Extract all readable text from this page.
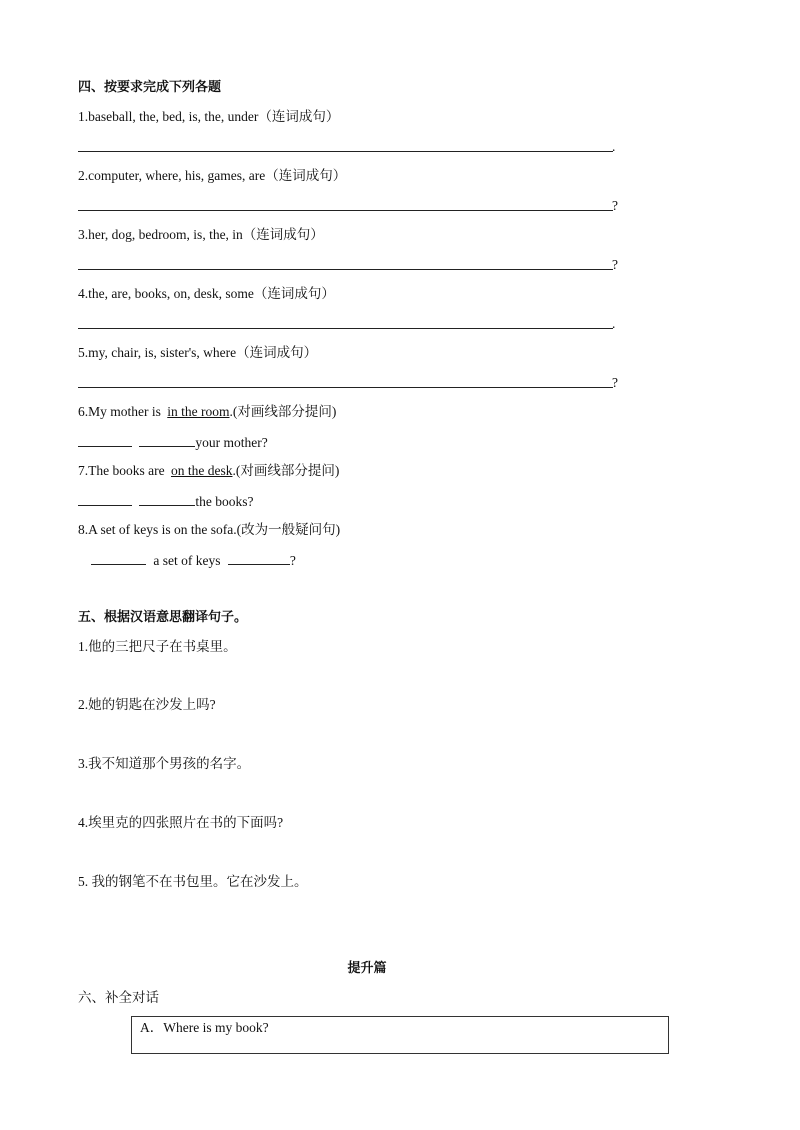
四、按要求完成下列各题
1.baseball, the, bed, is, the, under（连词成句）
.
2.computer, where, his, games, are（连词成句）
?
3.her, dog, bedroom, is, the, in（连词成句）
?
4.the, are, books, on, desk, some（连词成句）
.
5.my, chair, is, sister's, where（连词成句）
?
6.My mother is in the room.(对画线部分提问)
your mother?
7.The books are on the desk.(对画线部分提问)
the books?
8.A set of keys is on the sofa.(改为一般疑问句)
a set of keys	?
五、根据汉语意思翻译句子。
1.他的三把尺子在书桌里。
2.她的钥匙在沙发上吗?
3.我不知道那个男孩的名字。
4.埃里克的四张照片在书的下面吗?
5. 我的钢笔不在书包里。它在沙发上。
提升篇
六、补全对话
A．Where is my book?
